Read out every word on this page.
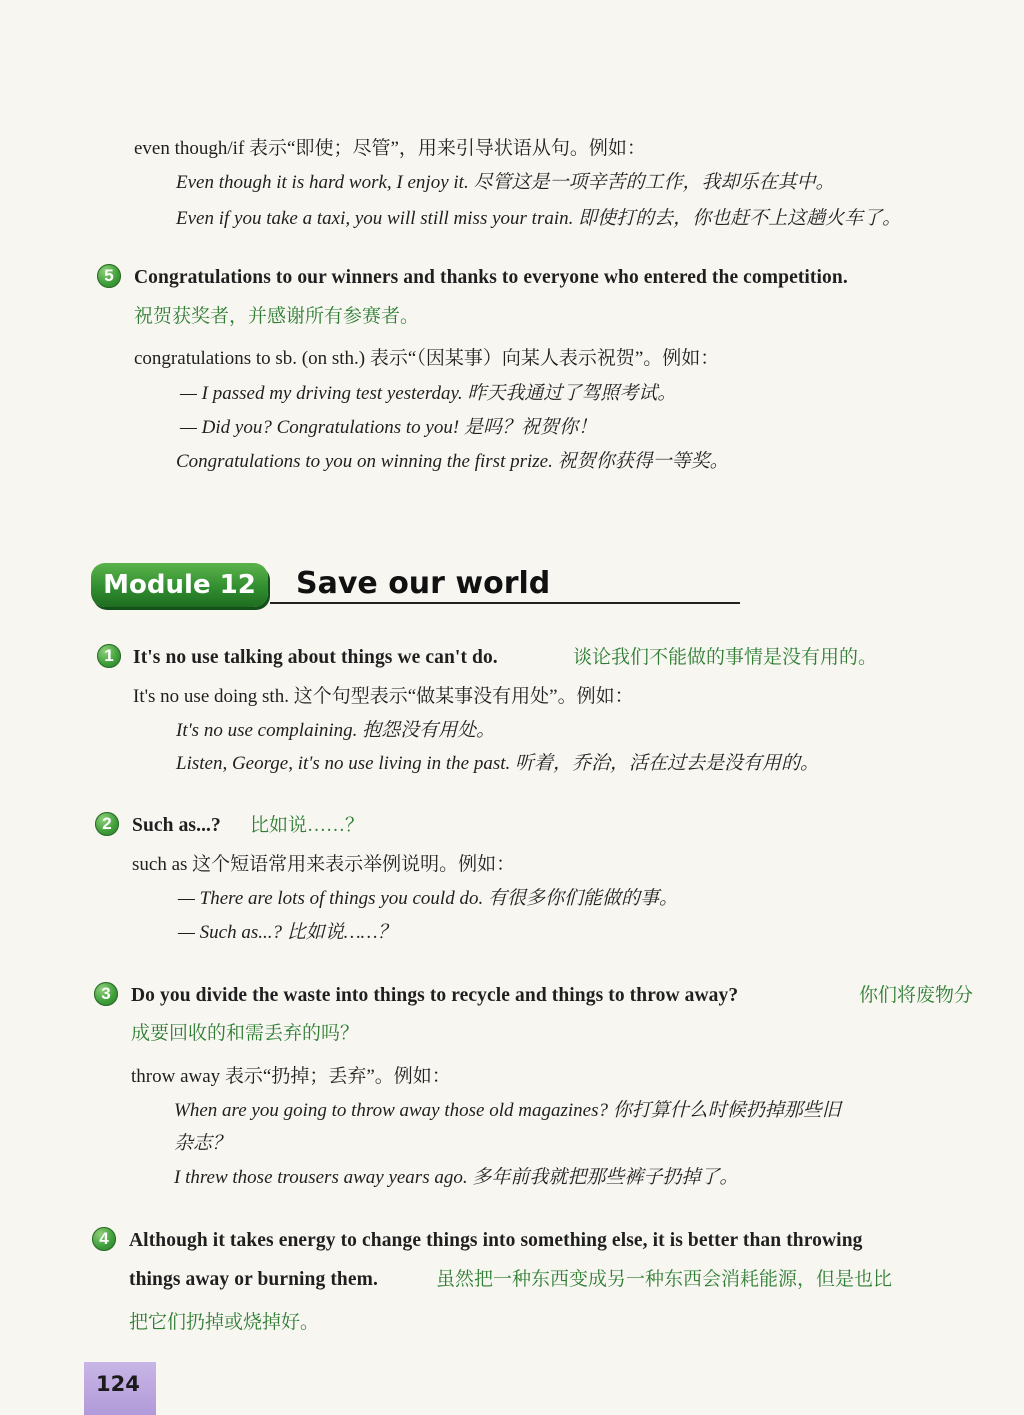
even though/if 表示“即使；尽管”，用来引导状语从句。例如：
Even though it is hard work, I enjoy it. 尽管这是一项辛苦的工作，我却乐在其中。
Even if you take a taxi, you will still miss your train. 即使打的去，你也赶不上这趟火车了。
5	Congratulations to our winners and thanks to everyone who entered the competition.
祝贺获奖者，并感谢所有参赛者。
congratulations to sb. (on sth.) 表示“（因某事）向某人表示祝贺”。例如：
— I passed my driving test yesterday. 昨天我通过了驾照考试。
— Did you? Congratulations to you! 是吗？祝贺你！
Congratulations to you on winning the first prize. 祝贺你获得一等奖。
Module 12	Save our world
1 It's no use talking about things we can't do.	谈论我们不能做的事情是没有用的。
It's no use doing sth. 这个句型表示“做某事没有用处”。例如：
It's no use complaining. 抱怨没有用处。
Listen, George, it's no use living in the past. 听着，乔治，活在过去是没有用的。
2	Such as...? 比如说……？
such as 这个短语常用来表示举例说明。例如：
— There are lots of things you could do. 有很多你们能做的事。
— Such as...? 比如说……？
3	Do you divide the waste into things to recycle and things to throw away?	你们将废物分
成要回收的和需丢弃的吗？
throw away 表示“扔掉；丢弃”。例如：
When are you going to throw away those old magazines? 你打算什么时候扔掉那些旧
杂志？
I threw those trousers away years ago. 多年前我就把那些裤子扔掉了。
4	Although it takes energy to change things into something else, it is better than throwing
things away or burning them.	虽然把一种东西变成另一种东西会消耗能源，但是也比
把它们扔掉或烧掉好。
124
